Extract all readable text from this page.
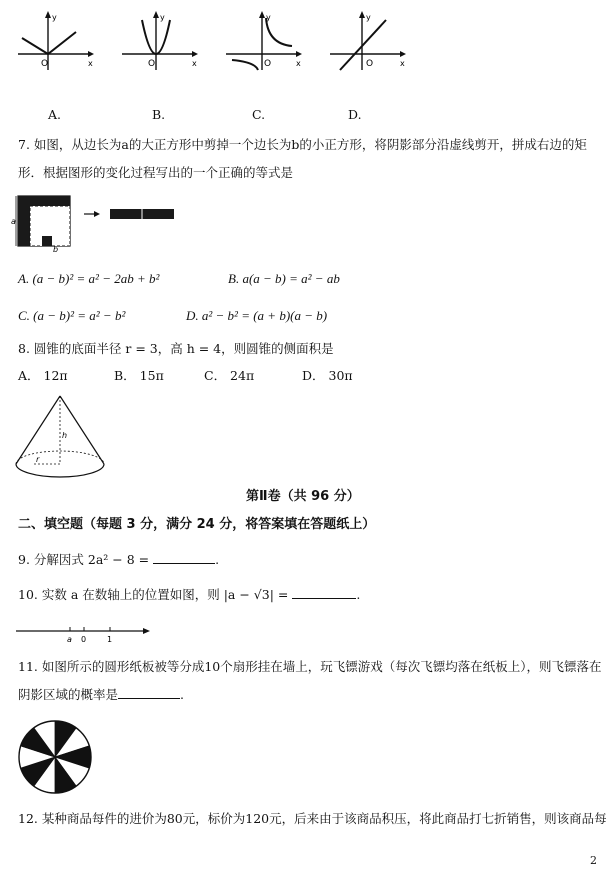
y
O	x
y
O	x
y
O	x
y
O	x
A.	B.	C.	D.
7. 如图，从边长为a的大正方形中剪掉一个边长为b的小正方形，将阴影部分沿虚线剪开，拼成右边的矩
形．根据图形的变化过程写出的一个正确的等式是
a
b
A. (a − b)² = a² − 2ab + b²	B. a(a − b) = a² − ab
C. (a − b)² = a² − b²	D. a² − b² = (a + b)(a − b)
8. 圆锥的底面半径 r = 3，高 h = 4，则圆锥的侧面积是
A． 12π	B． 15π	C． 24π	D． 30π
h
r
第Ⅱ卷（共 96 分）
二、填空题（每题 3 分，满分 24 分，将答案填在答题纸上）
9. 分解因式 2a² − 8 =	.
10. 实数 a 在数轴上的位置如图，则 |a − √3| =	.
a 0	1
11. 如图所示的圆形纸板被等分成10个扇形挂在墙上，玩飞镖游戏（每次飞镖均落在纸板上），则飞镖落在
阴影区域的概率是	.
12. 某种商品每件的进价为80元，标价为120元，后来由于该商品积压，将此商品打七折销售，则该商品每
2
